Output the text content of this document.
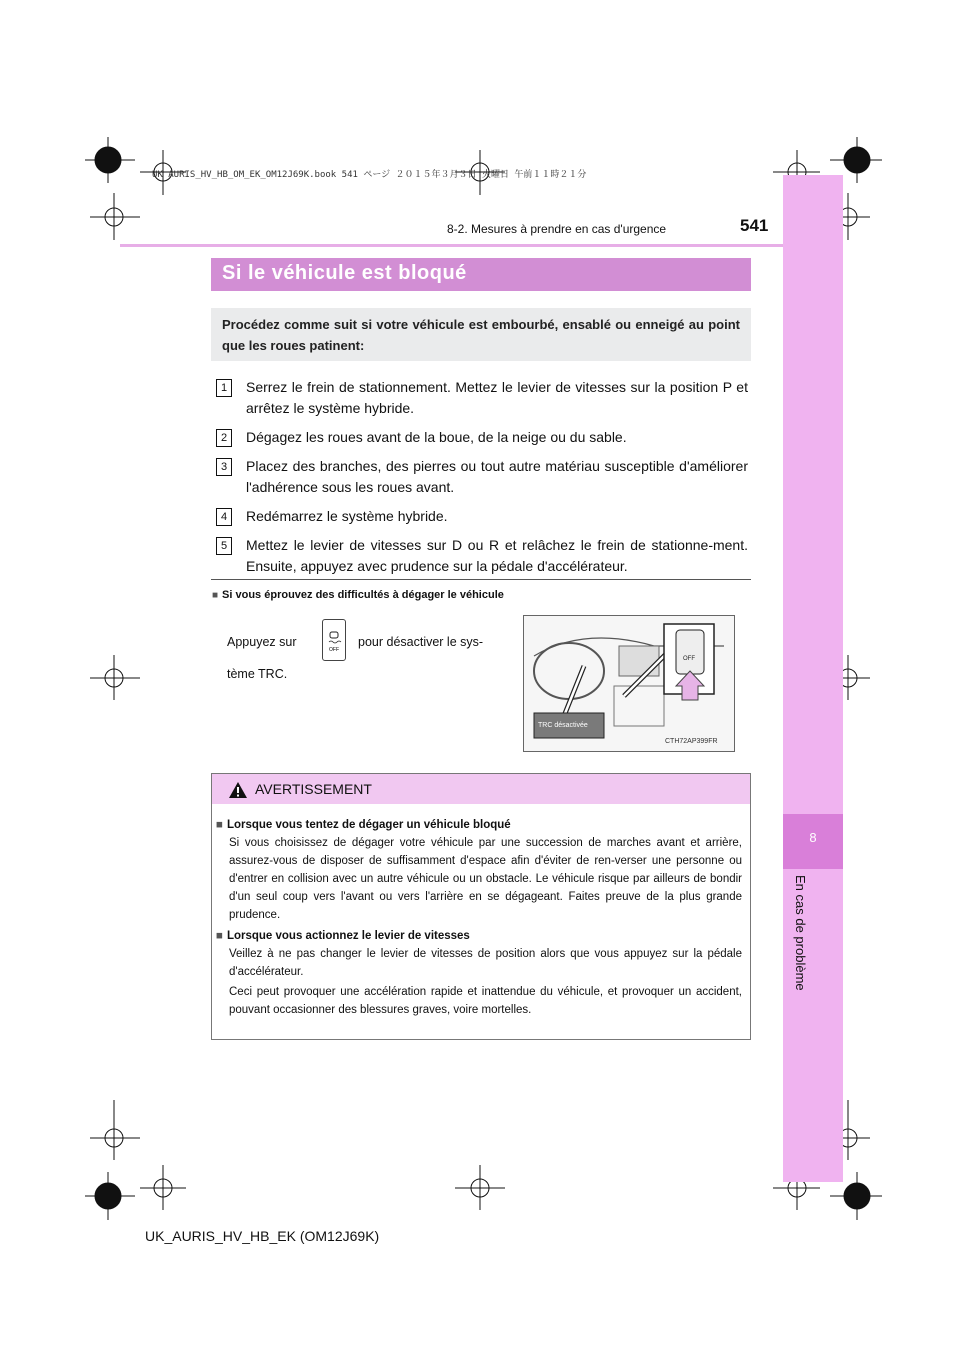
UK AURIS_HV_HB_OM_EK_OM12J69K.book 541 ページ ２０１５年３月３日 火曜日 午前１１時２１分
8
En cas de problème
8-2. Mesures à prendre en cas d'urgence	541
Si le véhicule est bloqué
Procédez comme suit si votre véhicule est embourbé, ensablé ou enneigé au point que les roues patinent:
1	Serrez le frein de stationnement. Mettez le levier de vitesses sur la position P et arrêtez le système hybride.
2	Dégagez les roues avant de la boue, de la neige ou du sable.
3	Placez des branches, des pierres ou tout autre matériau susceptible d'améliorer l'adhérence sous les roues avant.
4	Redémarrez le système hybride.
5	Mettez le levier de vitesses sur D ou R et relâchez le frein de stationne-ment. Ensuite, appuyez avec prudence sur la pédale d'accélérateur.
■ Si vous éprouvez des difficultés à dégager le véhicule
Appuyez sur
OFF
pour désactiver le sys-
tème TRC.
TRC désactivée
OFF
CTH72AP399FR
AVERTISSEMENT
■ Lorsque vous tentez de dégager un véhicule bloqué
Si vous choisissez de dégager votre véhicule par une succession de marches avant et arrière, assurez-vous de disposer de suffisamment d'espace afin d'éviter de ren-verser une personne ou d'entrer en collision avec un autre véhicule ou un obstacle. Le véhicule risque par ailleurs de bondir d'un seul coup vers l'avant ou vers l'arrière en se dégageant. Faites preuve de la plus grande prudence.
■ Lorsque vous actionnez le levier de vitesses
Veillez à ne pas changer le levier de vitesses de position alors que vous appuyez sur la pédale d'accélérateur.
Ceci peut provoquer une accélération rapide et inattendue du véhicule, et provoquer un accident, pouvant occasionner des blessures graves, voire mortelles.
UK_AURIS_HV_HB_EK (OM12J69K)
